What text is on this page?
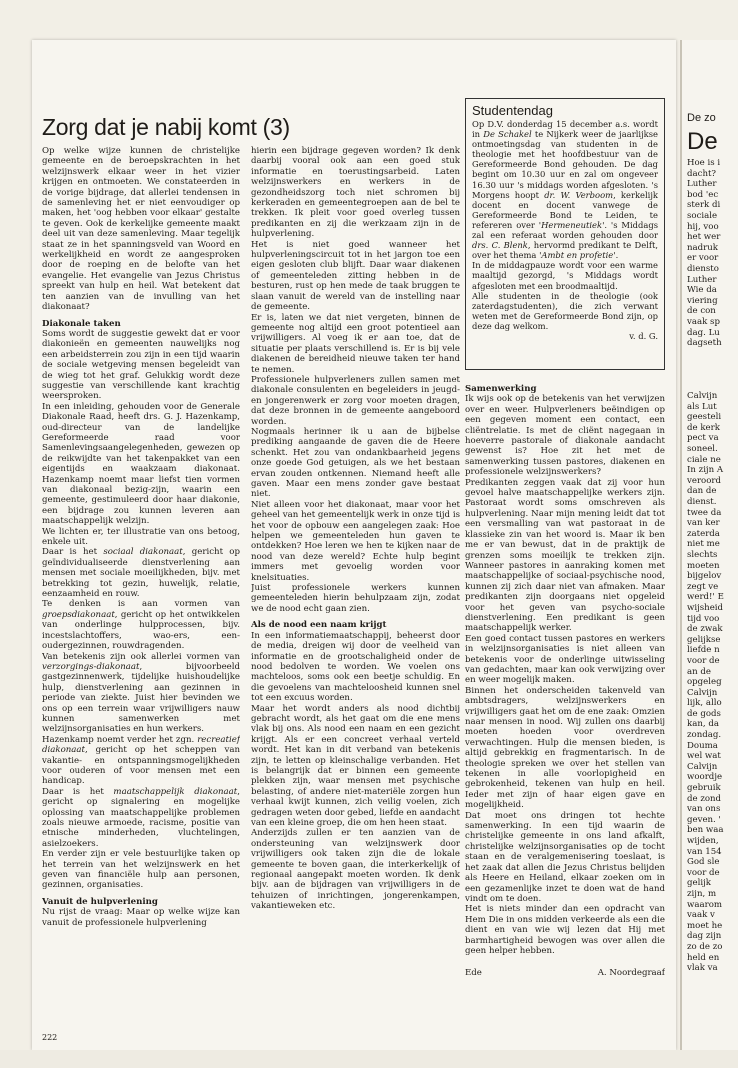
Zorg dat je nabij komt (3)

Op welke wijze kunnen de christelijke gemeente en de beroepskrachten in het welzijnswerk elkaar weer in het vizier krijgen en ontmoeten. We constateerden in de vorige bijdrage, dat allerlei tendensen in de samenleving het er niet eenvoudiger op maken, het 'oog hebben voor elkaar' gestalte te geven. Ook de kerkelijke gemeente maakt deel uit van deze samenleving. Maar tegelijk staat ze in het spanningsveld van Woord en werkelijkheid en wordt ze aangesproken door de roeping en de belofte van het evangelie. Het evangelie van Jezus Christus spreekt van hulp en heil. Wat betekent dat ten aanzien van de invulling van het diakonaat?

Diakonale taken

Soms wordt de suggestie gewekt dat er voor diakonieën en gemeenten nauwelijks nog een arbeidsterrein zou zijn in een tijd waarin de sociale wetgeving mensen begeleidt van de wieg tot het graf. Gelukkig wordt deze suggestie van verschillende kant krachtig weersproken.

In een inleiding, gehouden voor de Generale Diakonale Raad, heeft drs. G. J. Hazenkamp, oud-directeur van de landelijke Gereformeerde raad voor Samenlevingsaangelegenheden, gewezen op de reikwijdte van het takenpakket van een eigentijds en waakzaam diakonaat. Hazenkamp noemt maar liefst tien vormen van diakonaal bezig-zijn, waarin een gemeente, gestimuleerd door haar diakonie, een bijdrage zou kunnen leveren aan maatschappelijk welzijn.

We lichten er, ter illustratie van ons betoog, enkele uit.

Daar is het sociaal diakonaat, gericht op geïndividualiseerde dienstverlening aan mensen met sociale moeilijkheden, bijv. met betrekking tot gezin, huwelijk, relatie, eenzaamheid en rouw.

Te denken is aan vormen van groepsdiakonaat, gericht op het ontwikkelen van onderlinge hulpprocessen, bijv. incestslachtoffers, wao-ers, een-oudergezinnen, rouwdragenden.

Van betekenis zijn ook allerlei vormen van verzorgings-diakonaat, bijvoorbeeld gastgezinnenwerk, tijdelijke huishoudelijke hulp, dienstverlening aan gezinnen in periode van ziekte. Juist hier bevinden we ons op een terrein waar vrijwilligers nauw kunnen samenwerken met welzijnsorganisaties en hun werkers.

Hazenkamp noemt verder het zgn. recreatief diakonaat, gericht op het scheppen van vakantie- en ontspanningsmogelijkheden voor ouderen of voor mensen met een handicap.

Daar is het maatschappelijk diakonaat, gericht op signalering en mogelijke oplossing van maatschappelijke problemen zoals nieuwe armoede, racisme, positie van etnische minderheden, vluchtelingen, asielzoekers.

En verder zijn er vele bestuurlijke taken op het terrein van het welzijnswerk en het geven van financiële hulp aan personen, gezinnen, organisaties.

Vanuit de hulpverlening

Nu rijst de vraag: Maar op welke wijze kan vanuit de professionele hulpverlening

hierin een bijdrage gegeven worden? Ik denk daarbij vooral ook aan een goed stuk informatie en toerustingsarbeid. Laten welzijnswerkers en werkers in de gezondheidszorg toch niet schromen bij kerkeraden en gemeentegroepen aan de bel te trekken. Ik pleit voor goed overleg tussen predikanten en zij die werkzaam zijn in de hulpverlening.

Het is niet goed wanneer het hulpverleningscircuit tot in het jargon toe een eigen gesloten club blijft. Daar waar diakenen of gemeenteleden zitting hebben in de besturen, rust op hen mede de taak bruggen te slaan vanuit de wereld van de instelling naar de gemeente.

Er is, laten we dat niet vergeten, binnen de gemeente nog altijd een groot potentieel aan vrijwilligers. Al voeg ik er aan toe, dat de situatie per plaats verschillend is. Er is bij vele diakenen de bereidheid nieuwe taken ter hand te nemen.

Professionele hulpverleners zullen samen met diakonale consulenten en begeleiders in jeugd- en jongerenwerk er zorg voor moeten dragen, dat deze bronnen in de gemeente aangeboord worden.

Nogmaals herinner ik u aan de bijbelse prediking aangaande de gaven die de Heere schenkt. Het zou van ondankbaarheid jegens onze goede God getuigen, als we het bestaan ervan zouden ontkennen. Niemand heeft alle gaven. Maar een mens zonder gave bestaat niet.

Niet alleen voor het diakonaat, maar voor het geheel van het gemeentelijk werk in onze tijd is het voor de opbouw een aangelegen zaak: Hoe helpen we gemeenteleden hun gaven te ontdekken? Hoe leren we hen te kijken naar de nood van deze wereld? Echte hulp begint immers met gevoelig worden voor knelsituaties.

Juist professionele werkers kunnen gemeenteleden hierin behulpzaam zijn, zodat we de nood echt gaan zien.

Als de nood een naam krijgt

In een informatiemaatschappij, beheerst door de media, dreigen wij door de veelheid van informatie en de grootschaligheid onder de nood bedolven te worden. We voelen ons machteloos, soms ook een beetje schuldig. En die gevoelens van machteloosheid kunnen snel tot een excuus worden.

Maar het wordt anders als nood dichtbij gebracht wordt, als het gaat om die ene mens vlak bij ons. Als nood een naam en een gezicht krijgt. Als er een concreet verhaal verteld wordt. Het kan in dit verband van betekenis zijn, te letten op kleinschalige verbanden. Het is belangrijk dat er binnen een gemeente plekken zijn, waar mensen met psychische belasting, of andere niet-materiële zorgen hun verhaal kwijt kunnen, zich veilig voelen, zich gedragen weten door gebed, liefde en aandacht van een kleine groep, die om hen heen staat.

Anderzijds zullen er ten aanzien van de ondersteuning van welzijnswerk door vrijwilligers ook taken zijn die de lokale gemeente te boven gaan, die interkerkelijk of regionaal aangepakt moeten worden. Ik denk bijv. aan de bijdragen van vrijwilligers in de tehuizen of inrichtingen, jongerenkampen, vakantieweken etc.

Studentendag

Op D.V. donderdag 15 december a.s. wordt in De Schakel te Nijkerk weer de jaarlijkse ontmoetingsdag van studenten in de theologie met het hoofdbestuur van de Gereformeerde Bond gehouden. De dag begint om 10.30 uur en zal om ongeveer 16.30 uur 's middags worden afgesloten. 's Morgens hoopt dr. W. Verboom, kerkelijk docent en docent vanwege de Gereformeerde Bond te Leiden, te refereren over 'Hermeneutiek'. 's Middags zal een referaat worden gehouden door drs. C. Blenk, hervormd predikant te Delft, over het thema 'Ambt en profetie'.

In de middagpauze wordt voor een warme maaltijd gezorgd, 's Middags wordt afgesloten met een broodmaaltijd.

Alle studenten in de theologie (ook zaterdagstudenten), die zich verwant weten met de Gereformeerde Bond zijn, op deze dag welkom.

v. d. G.

Samenwerking

Ik wijs ook op de betekenis van het verwijzen over en weer. Hulpverleners beëindigen op een gegeven moment een contact, een cliëntrelatie. Is met de cliënt nagegaan in hoeverre pastorale of diakonale aandacht gewenst is? Hoe zit het met de samenwerking tussen pastores, diakenen en professionele welzijnswerkers?

Predikanten zeggen vaak dat zij voor hun gevoel halve maatschappelijke werkers zijn. Pastoraat wordt soms omschreven als hulpverlening. Naar mijn mening leidt dat tot een versmalling van wat pastoraat in de klassieke zin van het woord is. Maar ik ben me er van bewust, dat in de praktijk de grenzen soms moeilijk te trekken zijn. Wanneer pastores in aanraking komen met maatschappelijke of sociaal-psychische nood, kunnen zij zich daar niet van afmaken. Maar predikanten zijn doorgaans niet opgeleid voor het geven van psycho-sociale dienstverlening. Een predikant is geen maatschappelijk werker.

Een goed contact tussen pastores en werkers in welzijnsorganisaties is niet alleen van betekenis voor de onderlinge uitwisseling van gedachten, maar kan ook verwijzing over en weer mogelijk maken.

Binnen het onderscheiden takenveld van ambtsdragers, welzijnswerkers en vrijwilligers gaat het om de ene zaak: Omzien naar mensen in nood. Wij zullen ons daarbij moeten hoeden voor overdreven verwachtingen. Hulp die mensen bieden, is altijd gebrekkig en fragmentarisch. In de theologie spreken we over het stellen van tekenen in alle voorlopigheid en gebrokenheid, tekenen van hulp en heil. Ieder met zijn of haar eigen gave en mogelijkheid.

Dat moet ons dringen tot hechte samenwerking. In een tijd waarin de christelijke gemeente in ons land afkalft, christelijke welzijnsorganisaties op de tocht staan en de veralgemenisering toeslaat, is het zaak dat allen die Jezus Christus belijden als Heere en Heiland, elkaar zoeken om in een gezamenlijke inzet te doen wat de hand vindt om te doen.

Het is niets minder dan een opdracht van Hem Die in ons midden verkeerde als een die dient en van wie wij lezen dat Hij met barmhartigheid bewogen was over allen die geen helper hebben.

Ede	A. Noordegraaf
222
De zo
De
Hoe is i
dacht?
Luther
bod 'ec
sterk di
sociale
hij, voo
het wer
nadruk
er voor
diensto
Luther
Wie da
viering
de con
vaak sp
dag. Lu
dagseth
Calvijn
als Lut
geesteli
de kerk
pect va
soneel.
ciale ne
In zijn A
veroord
dan de
dienst.
twee da
van ker
zaterda
niet me
slechts
moeten
bijgelov
zegt ve
werd!' E
wijsheid
tijd voo
de zwak
gelijkse
liefde n
voor de
an de
opgeleg
Calvijn
lijk, allo
de gods
kan, da
zondag.
Douma
wel wat
Calvijn
woordje
gebruik
de zond
van ons
geven. '
ben waa
wijden,
van 154
God sle
voor de
gelijk
zijn, m
waarom
vaak v
moet he
dag zijn
zo de zo
held en
vlak va
